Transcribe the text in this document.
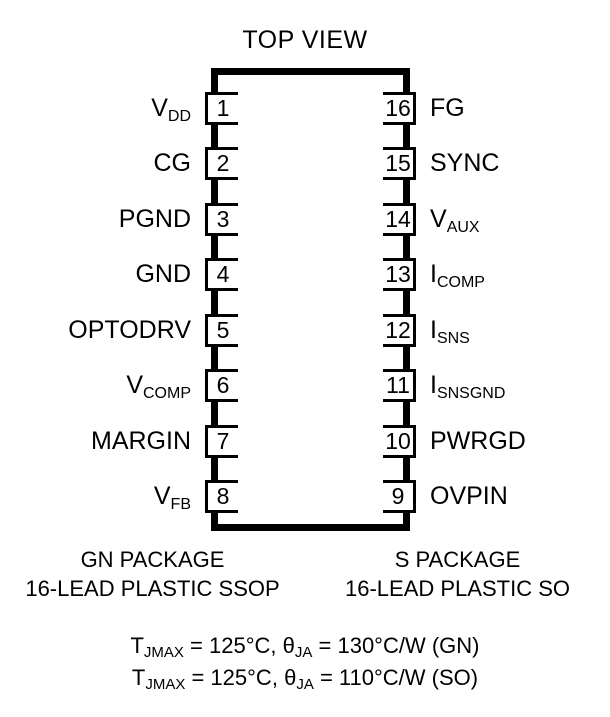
TOP VIEW
$V_{DD}$	1
CG	2
PGND	3
GND	4
OPTODRV	5
$V_{COMP}$	6
MARGIN	7
$V_{FB}$	8
16 FG
15 SYNC
14 $V_{AUX}$
13 $I_{COMP}$
12 $I_{SNS}$
11 $I_{SNSGND}$
10 PWRGD
9	OVPIN
GN PACKAGE
16-LEAD PLASTIC SSOP
S PACKAGE
16-LEAD PLASTIC SO
$T_{JMAX} = 125^\circ C$, $\theta_{JA} = 130^\circ C/W$ (GN)
$T_{JMAX} = 125^\circ C$, $\theta_{JA} = 110^\circ C/W$ (SO)
